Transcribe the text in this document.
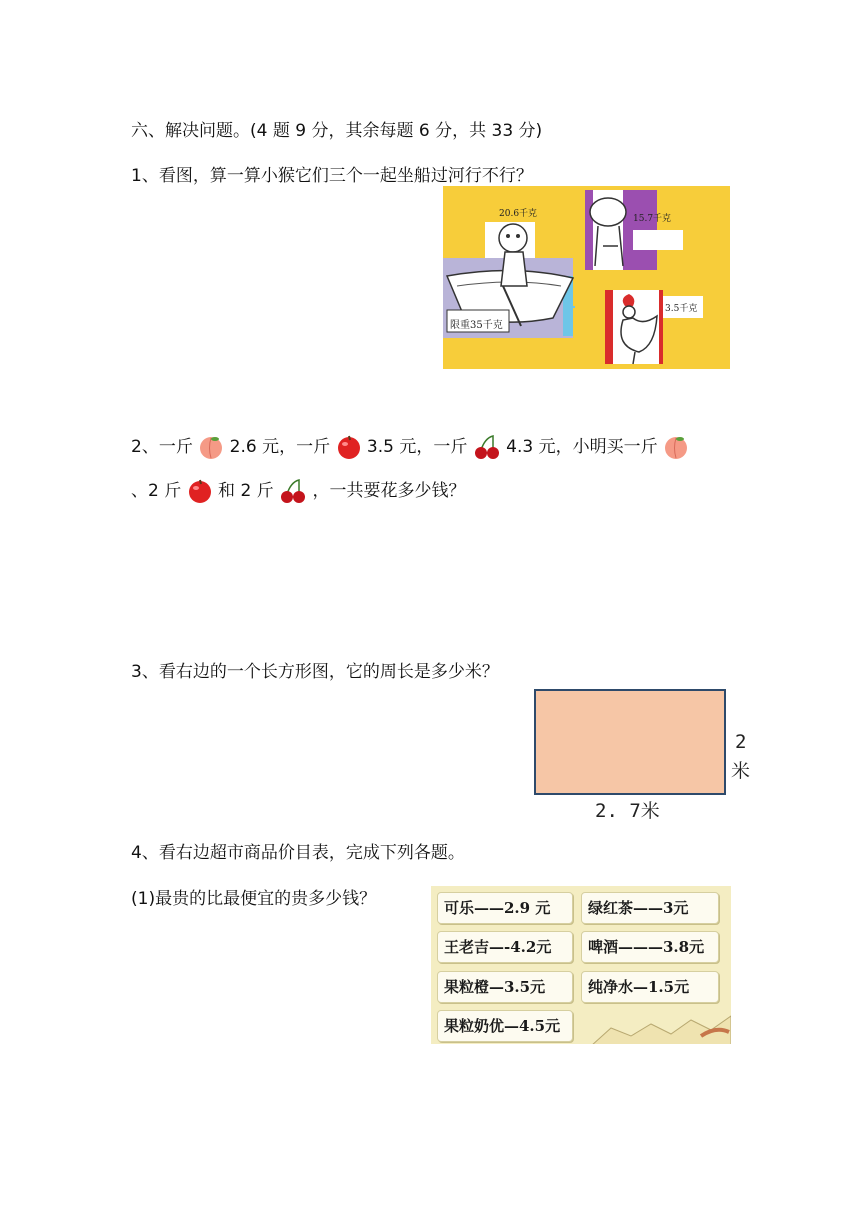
六、解决问题。(4 题 9 分，其余每题 6 分，共 33 分)
1、看图，算一算小猴它们三个一起坐船过河行不行？
20.6千克	15.7千克
3.5千克
限重35千克
2、一斤
2.6 元，一斤 3.5 元，一斤 4.3 元，小明买一斤
、2 斤 和 2 斤 ，一共要花多少钱？
3、看右边的一个长方形图，它的周长是多少米？
2. 7米
2
米
4、看右边超市商品价目表，完成下列各题。
(1)最贵的比最便宜的贵多少钱？	可乐——2.9 元	绿红茶——3元
王老吉—-4.2元	啤酒———3.8元
果粒橙—3.5元	纯净水—1.5元
果粒奶优—4.5元
